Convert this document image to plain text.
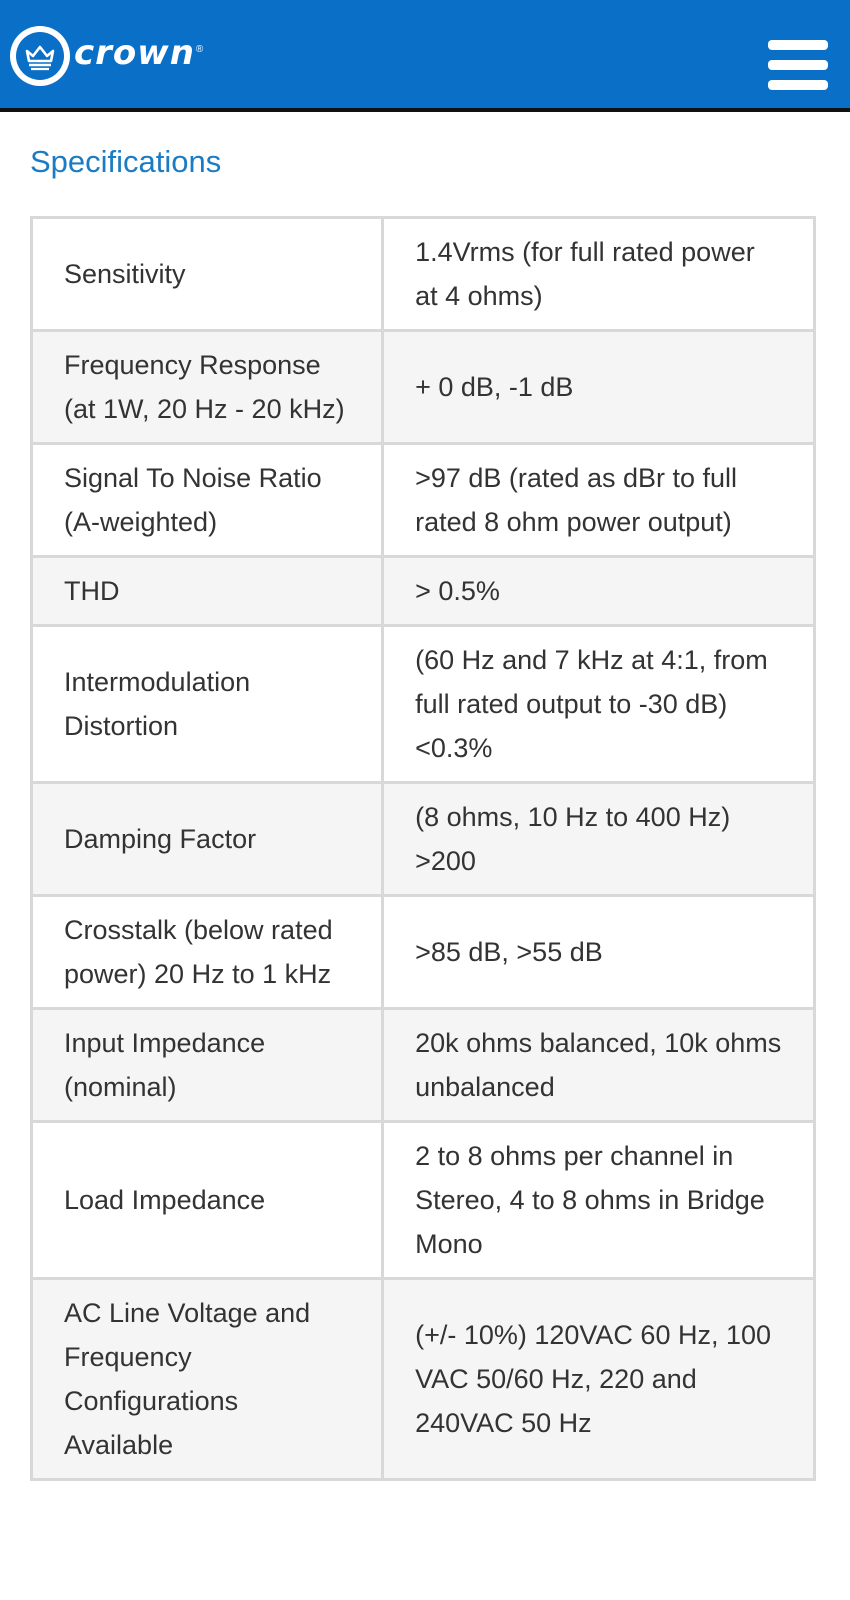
crown ®
Specifications
Sensitivity	1.4Vrms (for full rated power at 4 ohms)
Frequency Response (at 1W, 20 Hz - 20 kHz)	+ 0 dB, -1 dB
Signal To Noise Ratio (A-weighted)	>97 dB (rated as dBr to full rated 8 ohm power output)
THD	> 0.5%
Intermodulation Distortion	(60 Hz and 7 kHz at 4:1, from full rated output to -30 dB) <0.3%
Damping Factor	(8 ohms, 10 Hz to 400 Hz) >200
Crosstalk (below rated power) 20 Hz to 1 kHz	>85 dB, >55 dB
Input Impedance (nominal)	20k ohms balanced, 10k ohms unbalanced
Load Impedance	2 to 8 ohms per channel in Stereo, 4 to 8 ohms in Bridge Mono
AC Line Voltage and Frequency Configurations Available	(+/- 10%) 120VAC 60 Hz, 100 VAC 50/60 Hz, 220 and 240VAC 50 Hz
